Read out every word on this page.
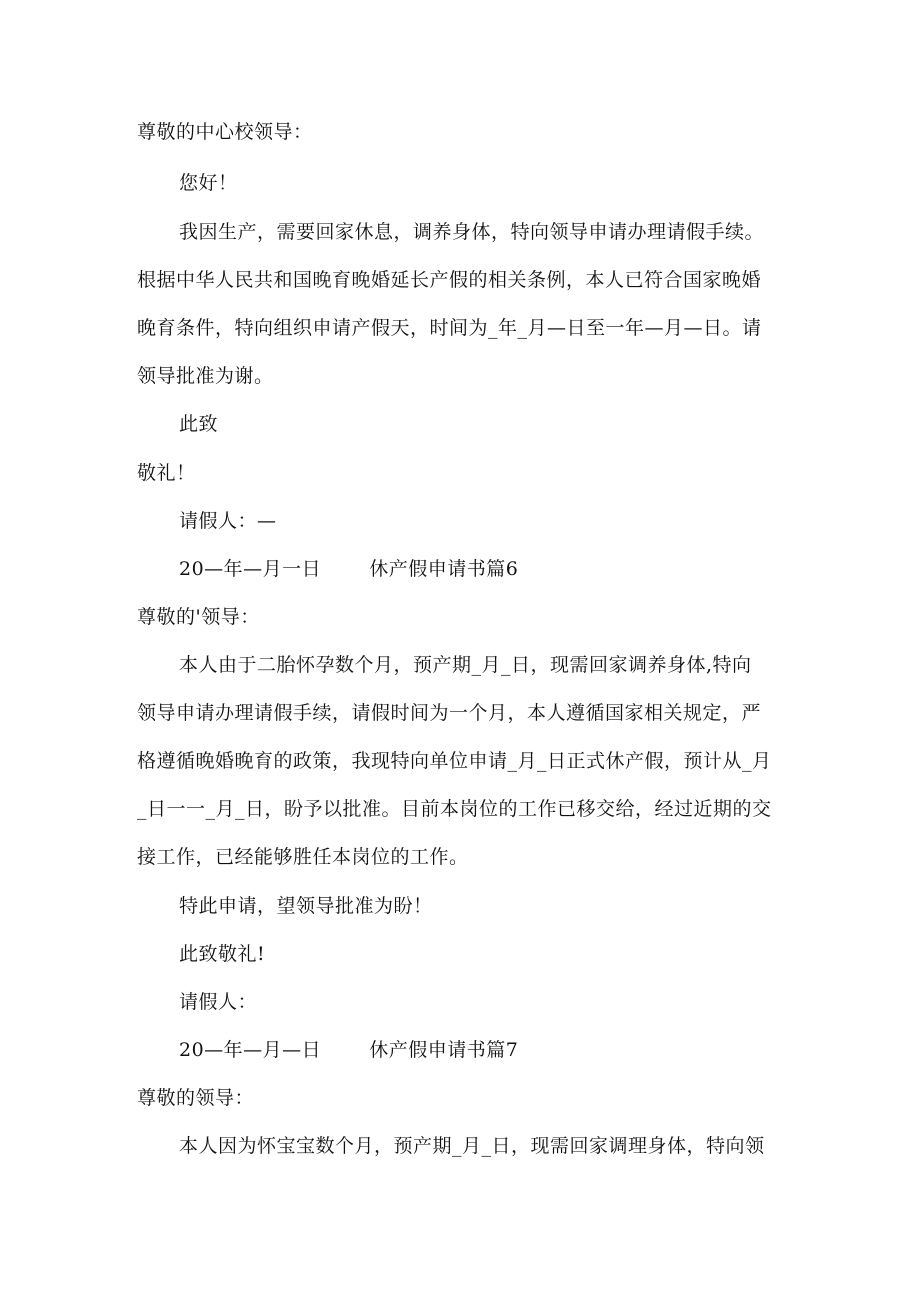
尊敬的中心校领导：
您好！
我因生产，需要回家休息，调养身体，特向领导申请办理请假手续。
根据中华人民共和国晚育晚婚延长产假的相关条例，本人已符合国家晚婚
晚育条件，特向组织申请产假天，时间为_年_月—日至一年—月—日。请
领导批准为谢。
此致
敬礼！
请假人：—
20—年—月一日	休产假申请书篇6
尊敬的'领导：
本人由于二胎怀孕数个月，预产期_月_日，现需回家调养身体,特向
领导申请办理请假手续，请假时间为一个月，本人遵循国家相关规定，严
格遵循晚婚晚育的政策，我现特向单位申请_月_日正式休产假，预计从_月
_日一一_月_日，盼予以批准。目前本岗位的工作已移交给，经过近期的交
接工作，已经能够胜任本岗位的工作。
特此申请，望领导批准为盼！
此致敬礼!
请假人：
20—年—月—日	休产假申请书篇7
尊敬的领导：
本人因为怀宝宝数个月，预产期_月_日，现需回家调理身体，特向领
